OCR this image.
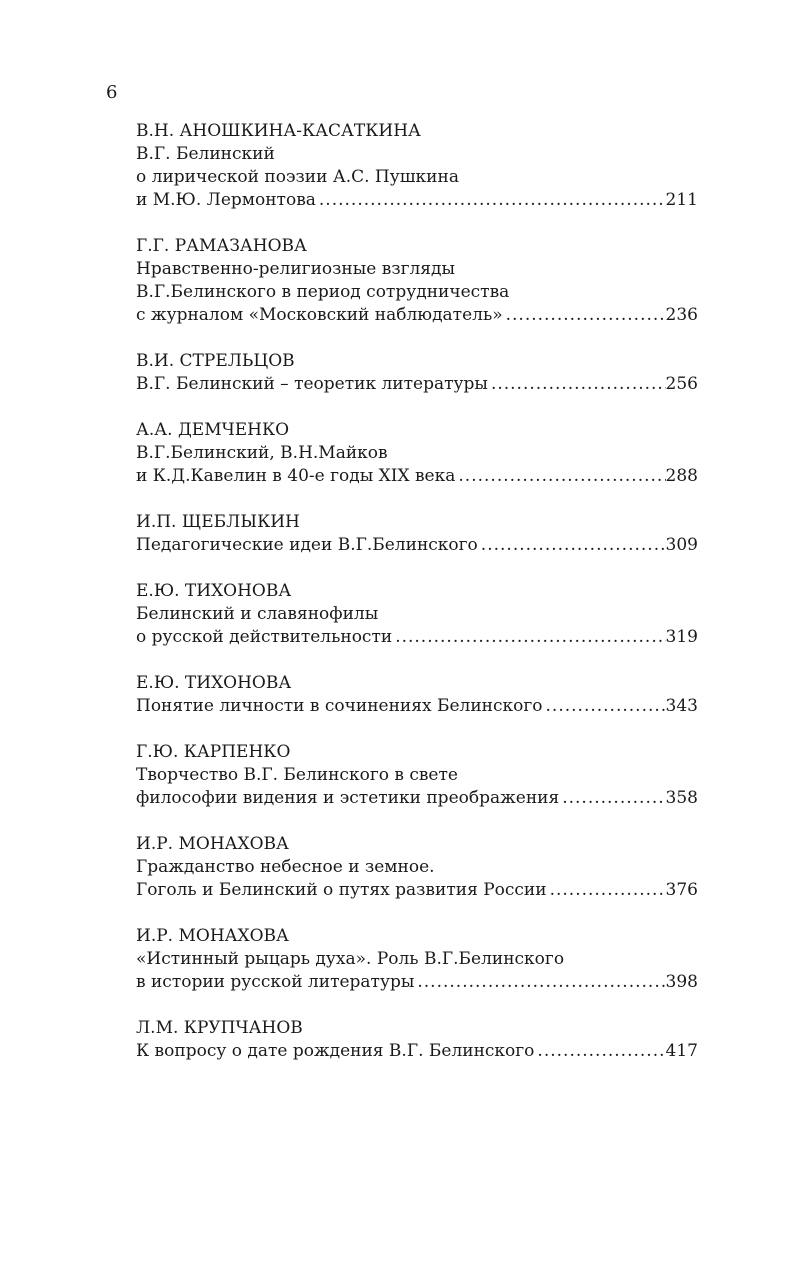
6
В.Н. АНОШКИНА-КАСАТКИНА
В.Г. Белинский
о лирической поэзии А.С. Пушкина
и М.Ю. Лермонтова .....	211
Г.Г. РАМАЗАНОВА
Нравственно-религиозные взгляды
В.Г.Белинского в период сотрудничества
с журналом «Московский наблюдатель» .....	236
В.И. СТРЕЛЬЦОВ
В.Г. Белинский – теоретик литературы .....	256
А.А. ДЕМЧЕНКО
В.Г.Белинский, В.Н.Майков
и К.Д.Кавелин в 40-е годы XIX века .....	288
И.П. ЩЕБЛЫКИН
Педагогические идеи В.Г.Белинского .....	309
Е.Ю. ТИХОНОВА
Белинский и славянофилы
о русской действительности .....	319
Е.Ю. ТИХОНОВА
Понятие личности в сочинениях Белинского .....	343
Г.Ю. КАРПЕНКО
Творчество В.Г. Белинского в свете
философии видения и эстетики преображения .....	358
И.Р. МОНАХОВА
Гражданство небесное и земное.
Гоголь и Белинский о путях развития России .....	376
И.Р. МОНАХОВА
«Истинный рыцарь духа». Роль В.Г.Белинского
в истории русской литературы .....	398
Л.М. КРУПЧАНОВ
К вопросу о дате рождения В.Г. Белинского .....	417
